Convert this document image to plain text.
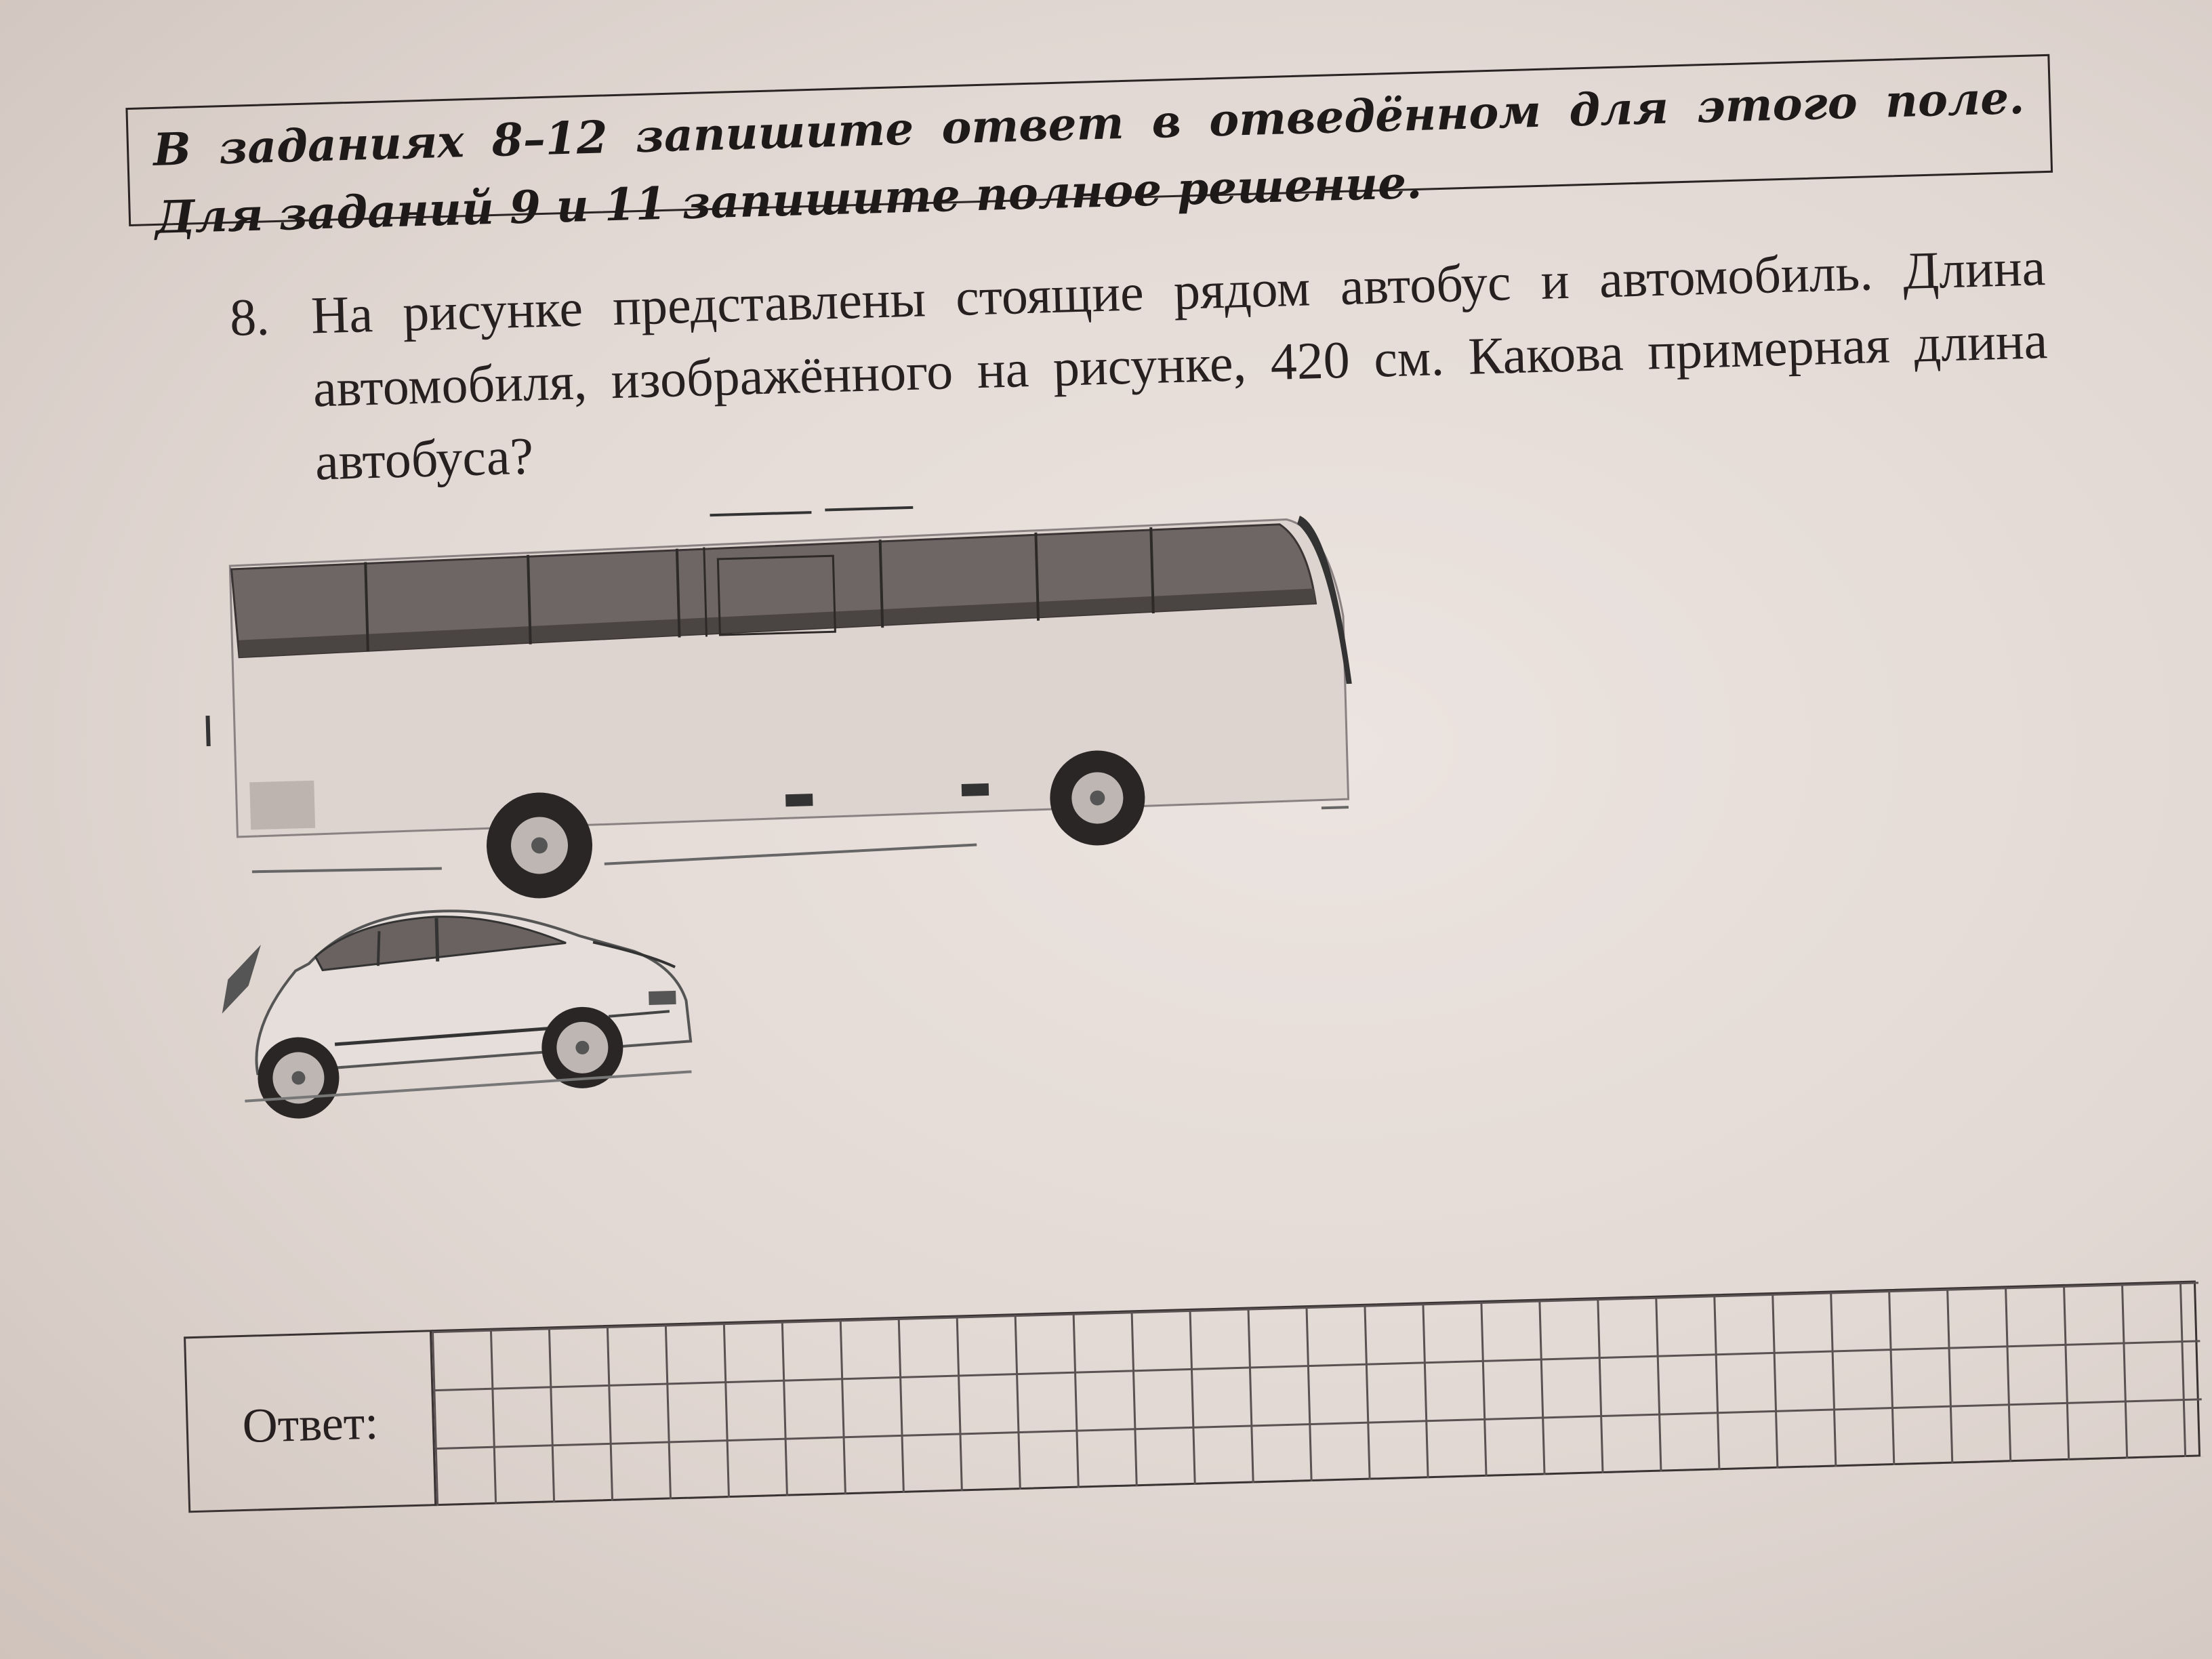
В заданиях 8–12 запишите ответ в отведённом для этого поле. Для заданий 9 и 11 запишите полное решение.
8. На рисунке представлены стоящие рядом автобус и автомобиль. Длина автомобиля, изображённого на рисунке, 420 см. Какова примерная длина автобуса?
Ответ:
